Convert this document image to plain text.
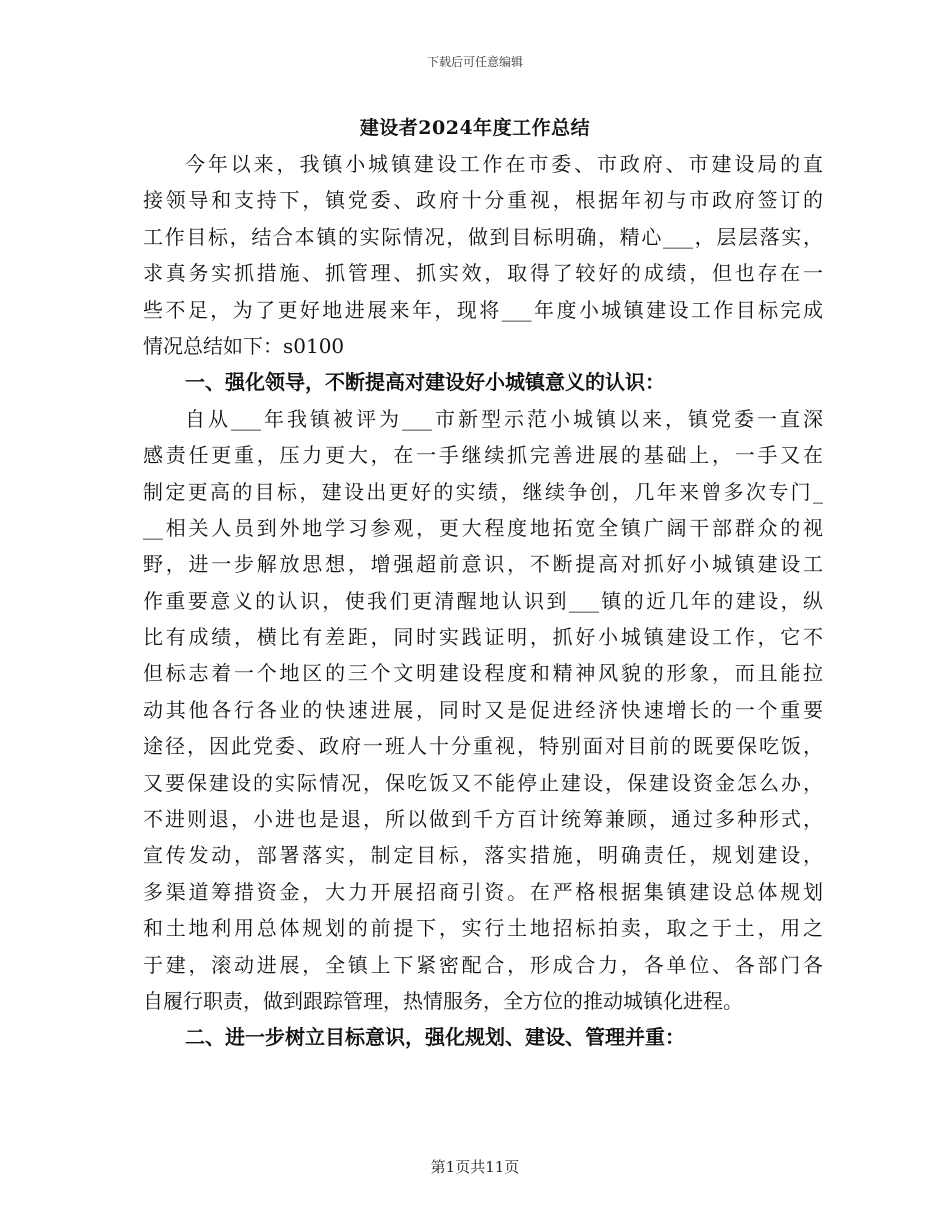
下载后可任意编辑
建设者2024年度工作总结
今年以来，我镇小城镇建设工作在市委、市政府、市建设局的直
接领导和支持下，镇党委、政府十分重视，根据年初与市政府签订的
工作目标，结合本镇的实际情况，做到目标明确，精心___，层层落实，
求真务实抓措施、抓管理、抓实效，取得了较好的成绩，但也存在一
些不足，为了更好地进展来年，现将___年度小城镇建设工作目标完成
情况总结如下：s0100
一、强化领导，不断提高对建设好小城镇意义的认识：
自从___年我镇被评为___市新型示范小城镇以来，镇党委一直深
感责任更重，压力更大，在一手继续抓完善进展的基础上，一手又在
制定更高的目标，建设出更好的实绩，继续争创，几年来曾多次专门_
__相关人员到外地学习参观，更大程度地拓宽全镇广阔干部群众的视
野，进一步解放思想，增强超前意识，不断提高对抓好小城镇建设工
作重要意义的认识，使我们更清醒地认识到___镇的近几年的建设，纵
比有成绩，横比有差距，同时实践证明，抓好小城镇建设工作，它不
但标志着一个地区的三个文明建设程度和精神风貌的形象，而且能拉
动其他各行各业的快速进展，同时又是促进经济快速增长的一个重要
途径，因此党委、政府一班人十分重视，特别面对目前的既要保吃饭，
又要保建设的实际情况，保吃饭又不能停止建设，保建设资金怎么办，
不进则退，小进也是退，所以做到千方百计统筹兼顾，通过多种形式，
宣传发动，部署落实，制定目标，落实措施，明确责任，规划建设，
多渠道筹措资金，大力开展招商引资。在严格根据集镇建设总体规划
和土地利用总体规划的前提下，实行土地招标拍卖，取之于土，用之
于建，滚动进展，全镇上下紧密配合，形成合力，各单位、各部门各
自履行职责，做到跟踪管理，热情服务，全方位的推动城镇化进程。
二、进一步树立目标意识，强化规划、建设、管理并重：
第1页共11页
